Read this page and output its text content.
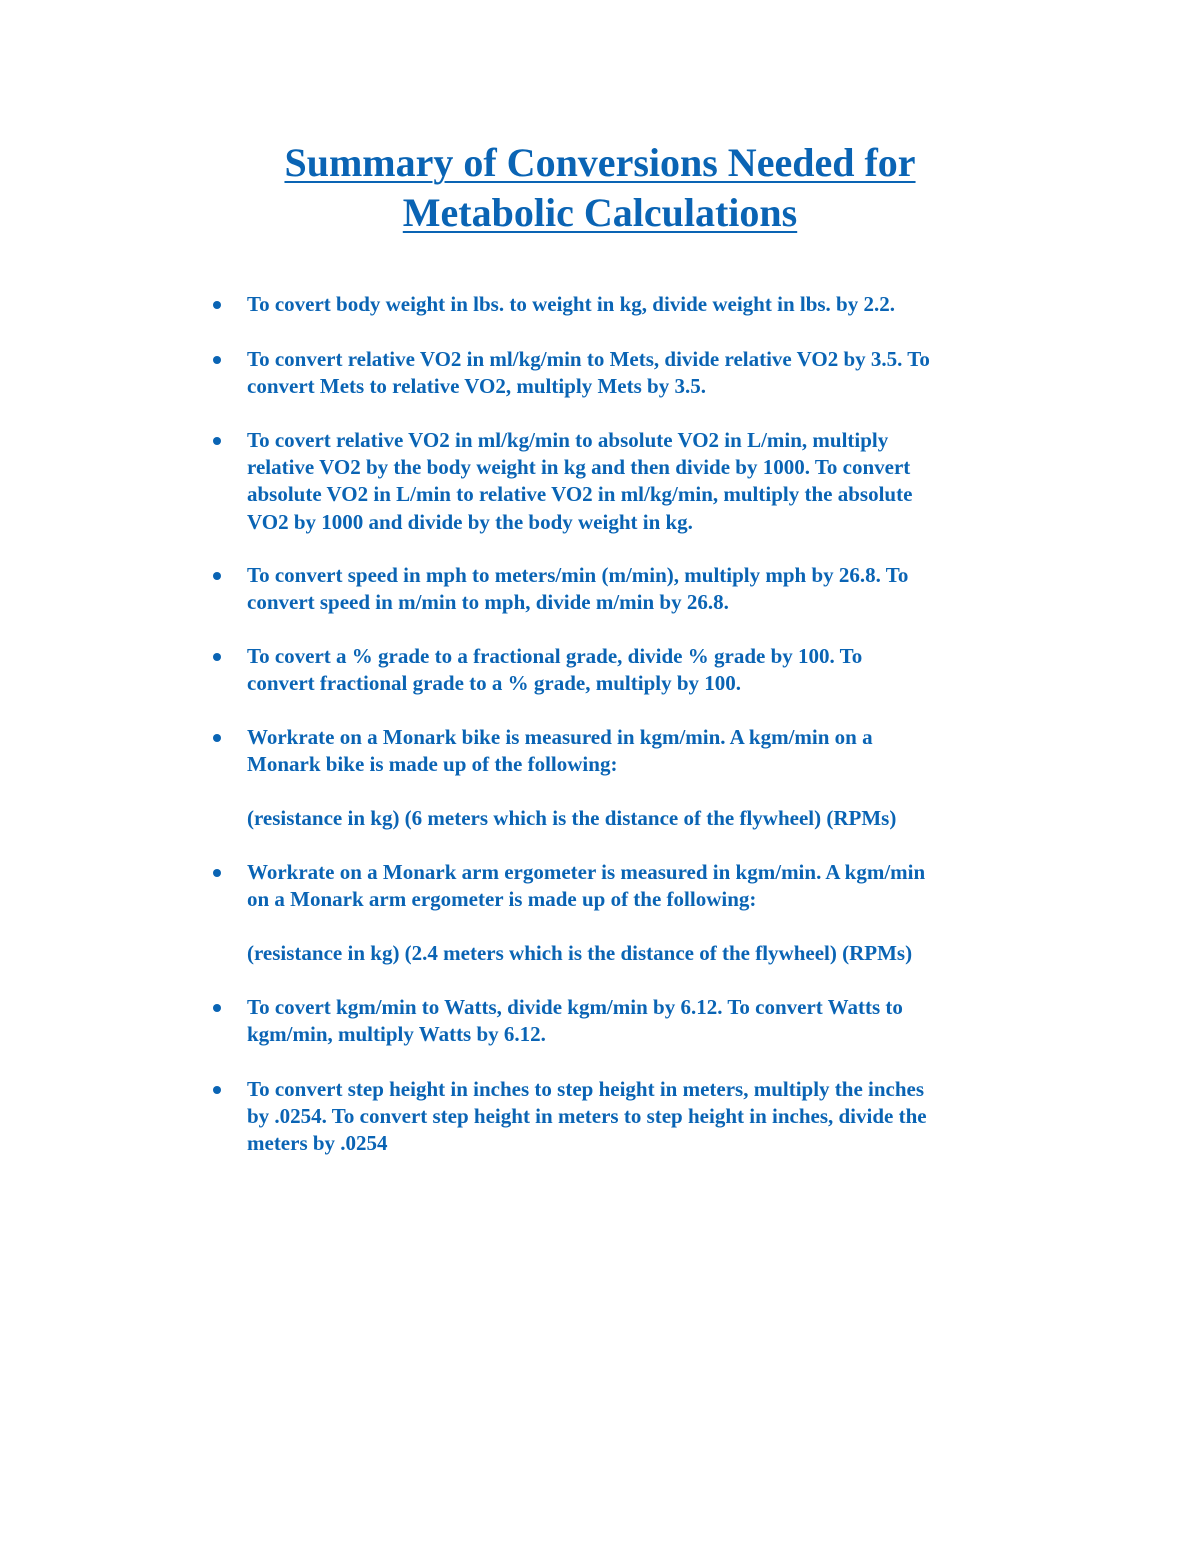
Summary of Conversions Needed for
Metabolic Calculations

To covert body weight in lbs. to weight in kg, divide weight in lbs. by 2.2.

To convert relative VO2 in ml/kg/min to Mets, divide relative VO2 by 3.5. To
convert Mets to relative VO2, multiply Mets by 3.5.

To covert relative VO2 in ml/kg/min to absolute VO2 in L/min, multiply
relative VO2 by the body weight in kg and then divide by 1000. To convert
absolute VO2 in L/min to relative VO2 in ml/kg/min, multiply the absolute
VO2 by 1000 and divide by the body weight in kg.

To convert speed in mph to meters/min (m/min), multiply mph by 26.8. To
convert speed in m/min to mph, divide m/min by 26.8.

To covert a % grade to a fractional grade, divide % grade by 100. To
convert fractional grade to a % grade, multiply by 100.

Workrate on a Monark bike is measured in kgm/min. A kgm/min on a
Monark bike is made up of the following:

Workrate on a Monark arm ergometer is measured in kgm/min. A kgm/min
on a Monark arm ergometer is made up of the following:

To covert kgm/min to Watts, divide kgm/min by 6.12. To convert Watts to
kgm/min, multiply Watts by 6.12.

To convert step height in inches to step height in meters, multiply the inches
by .0254. To convert step height in meters to step height in inches, divide the
meters by .0254

(resistance in kg) (6 meters which is the distance of the flywheel) (RPMs)

(resistance in kg) (2.4 meters which is the distance of the flywheel) (RPMs)
